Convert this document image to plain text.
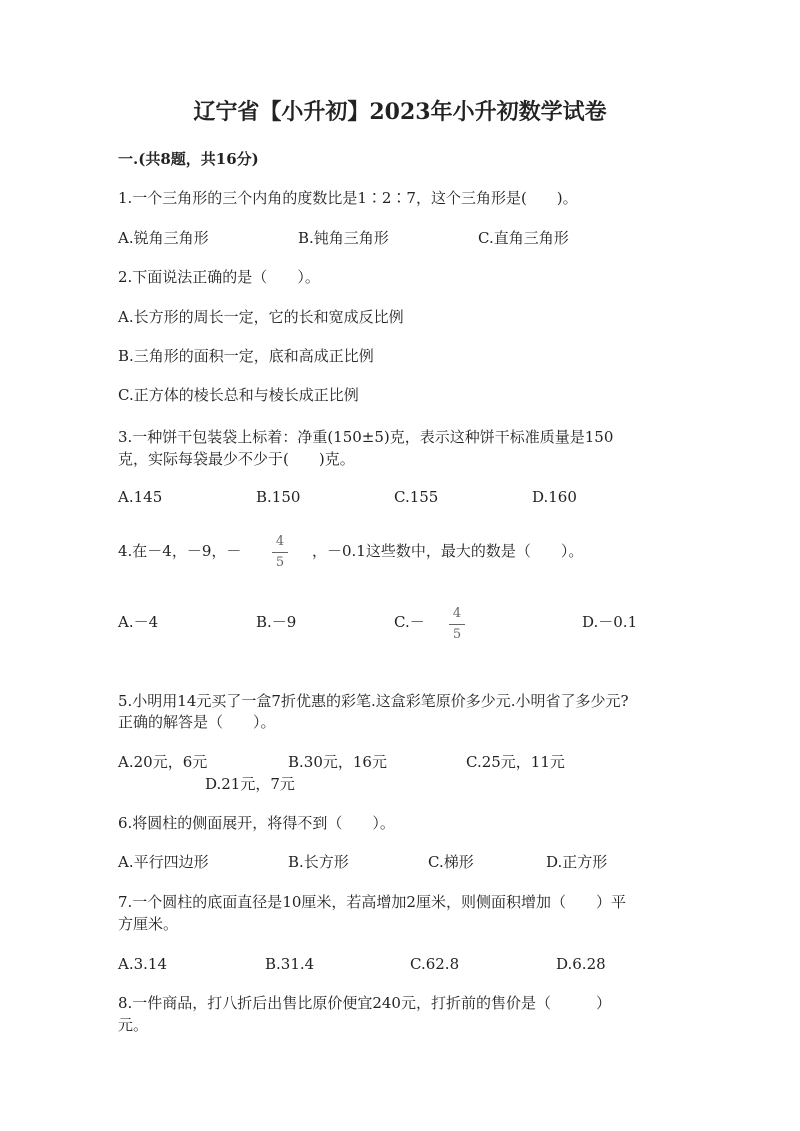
辽宁省【小升初】2023年小升初数学试卷
一.(共8题，共16分)
1.一个三角形的三个内角的度数比是1∶2∶7，这个三角形是(　　)。
A.锐角三角形	B.钝角三角形	C.直角三角形
2.下面说法正确的是（　　）。
A.长方形的周长一定，它的长和宽成反比例
B.三角形的面积一定，底和高成正比例
C.正方体的棱长总和与棱长成正比例
3.一种饼干包装袋上标着：净重(150±5)克，表示这种饼干标准质量是150
克，实际每袋最少不少于(　　)克。
A.145	B.150	C.155	D.160
4.在－4，－9，－
4
5
，－0.1这些数中，最大的数是（　　）。
A.－4	B.－9	C.－ 4
5
D.－0.1
5.小明用14元买了一盒7折优惠的彩笔.这盒彩笔原价多少元.小明省了多少元?
正确的解答是（　　）。
A.20元，6元	B.30元，16元	C.25元，11元
D.21元，7元
6.将圆柱的侧面展开，将得不到（　　）。
A.平行四边形	B.长方形	C.梯形	D.正方形
7.一个圆柱的底面直径是10厘米，若高增加2厘米，则侧面积增加（　　）平
方厘米。
A.3.14	B.31.4	C.62.8	D.6.28
8.一件商品，打八折后出售比原价便宜240元，打折前的售价是（　　　）
元。
